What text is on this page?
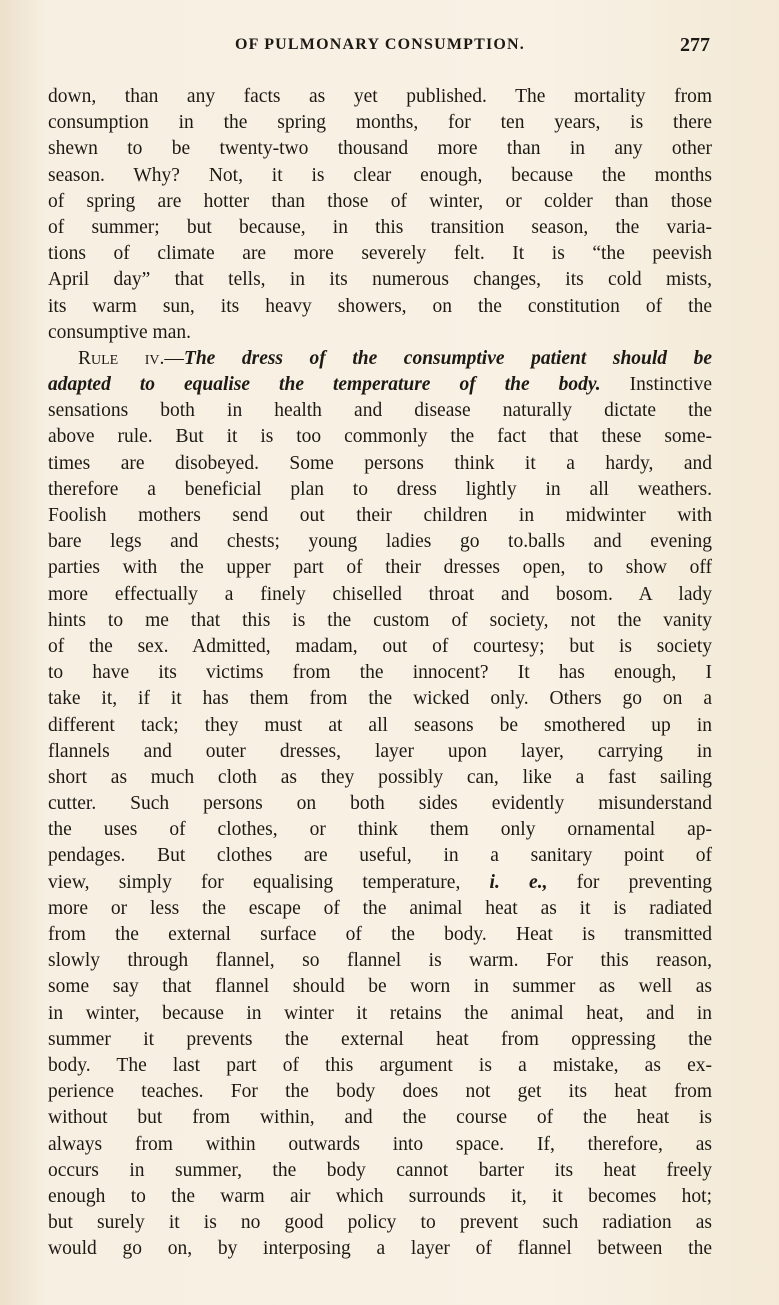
OF PULMONARY CONSUMPTION.	277
down, than any facts as yet published. The mortality from
consumption in the spring months, for ten years, is there
shewn to be twenty-two thousand more than in any other
season. Why? Not, it is clear enough, because the months
of spring are hotter than those of winter, or colder than those
of summer; but because, in this transition season, the varia-
tions of climate are more severely felt. It is “the peevish
April day” that tells, in its numerous changes, its cold mists,
its warm sun, its heavy showers, on the constitution of the
consumptive man.
Rule iv.—The dress of the consumptive patient should be
adapted to equalise the temperature of the body. Instinctive
sensations both in health and disease naturally dictate the
above rule. But it is too commonly the fact that these some-
times are disobeyed. Some persons think it a hardy, and
therefore a beneficial plan to dress lightly in all weathers.
Foolish mothers send out their children in midwinter with
bare legs and chests; young ladies go to.balls and evening
parties with the upper part of their dresses open, to show off
more effectually a finely chiselled throat and bosom. A lady
hints to me that this is the custom of society, not the vanity
of the sex. Admitted, madam, out of courtesy; but is society
to have its victims from the innocent? It has enough, I
take it, if it has them from the wicked only. Others go on a
different tack; they must at all seasons be smothered up in
flannels and outer dresses, layer upon layer, carrying in
short as much cloth as they possibly can, like a fast sailing
cutter. Such persons on both sides evidently misunderstand
the uses of clothes, or think them only ornamental ap-
pendages. But clothes are useful, in a sanitary point of
view, simply for equalising temperature, i. e., for preventing
more or less the escape of the animal heat as it is radiated
from the external surface of the body. Heat is transmitted
slowly through flannel, so flannel is warm. For this reason,
some say that flannel should be worn in summer as well as
in winter, because in winter it retains the animal heat, and in
summer it prevents the external heat from oppressing the
body. The last part of this argument is a mistake, as ex-
perience teaches. For the body does not get its heat from
without but from within, and the course of the heat is
always from within outwards into space. If, therefore, as
occurs in summer, the body cannot barter its heat freely
enough to the warm air which surrounds it, it becomes hot;
but surely it is no good policy to prevent such radiation as
would go on, by interposing a layer of flannel between the
